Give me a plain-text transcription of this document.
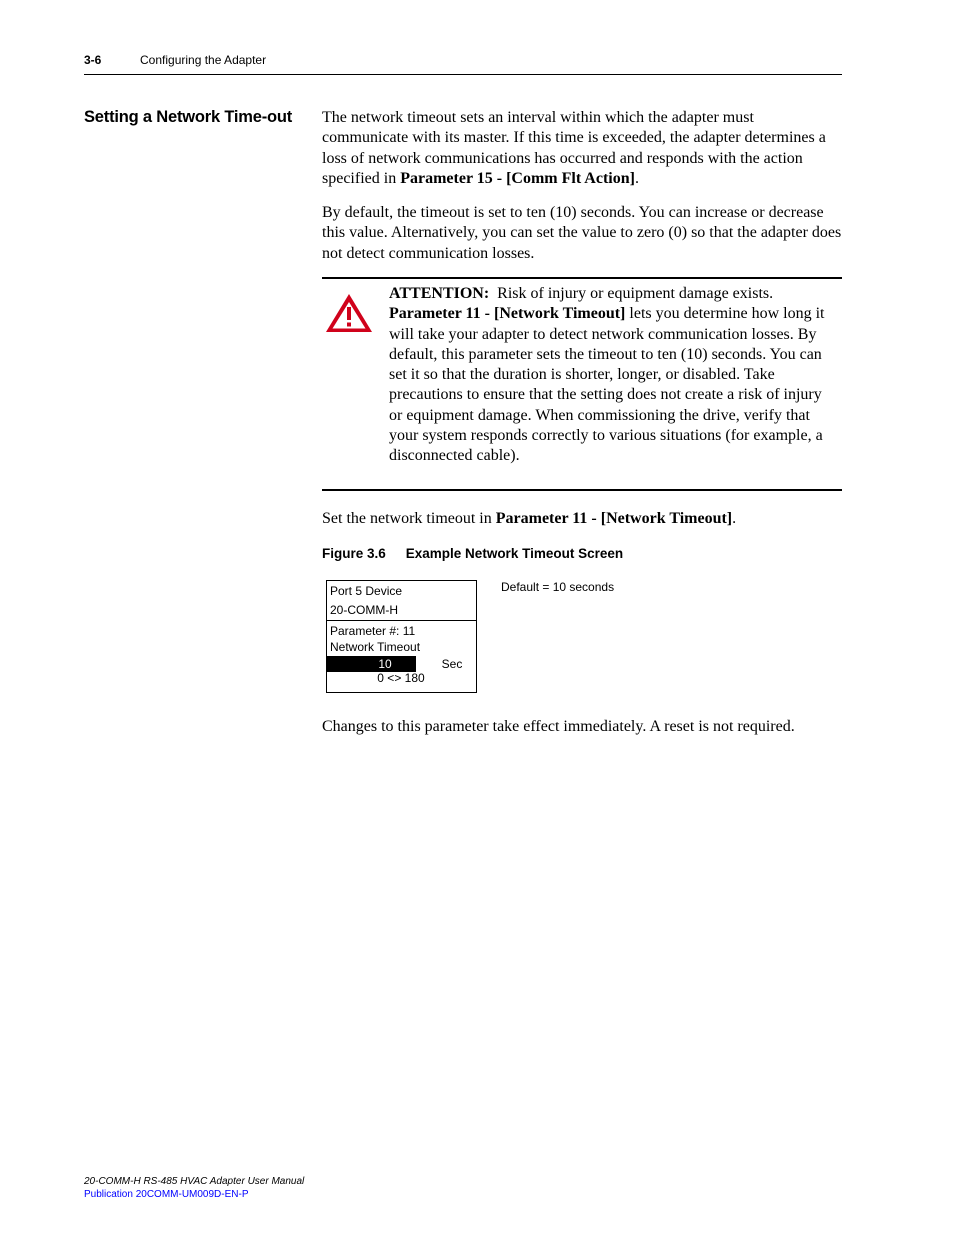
3-6	Configuring the Adapter
Setting a Network Time-out The network timeout sets an interval within which the adapter must communicate with its master. If this time is exceeded, the adapter determines a loss of network communications has occurred and responds with the action specified in Parameter 15 - [Comm Flt Action].

By default, the timeout is set to ten (10) seconds. You can increase or decrease this value. Alternatively, you can set the value to zero (0) so that the adapter does not detect communication losses.

ATTENTION: Risk of injury or equipment damage exists. Parameter 11 - [Network Timeout] lets you determine how long it will take your adapter to detect network communication losses. By default, this parameter sets the timeout to ten (10) seconds. You can set it so that the duration is shorter, longer, or disabled. Take precautions to ensure that the setting does not create a risk of injury or equipment damage. When commissioning the drive, verify that your system responds correctly to various situations (for example, a disconnected cable).

Set the network timeout in Parameter 11 - [Network Timeout].

Figure 3.6 Example Network Timeout Screen
Port 5 Device
20-COMM-H
Parameter #: 11
Network Timeout
10	Sec
0 <> 180
Default = 10 seconds

Changes to this parameter take effect immediately. A reset is not required.

20-COMM-H RS-485 HVAC Adapter User Manual
Publication 20COMM-UM009D-EN-P
